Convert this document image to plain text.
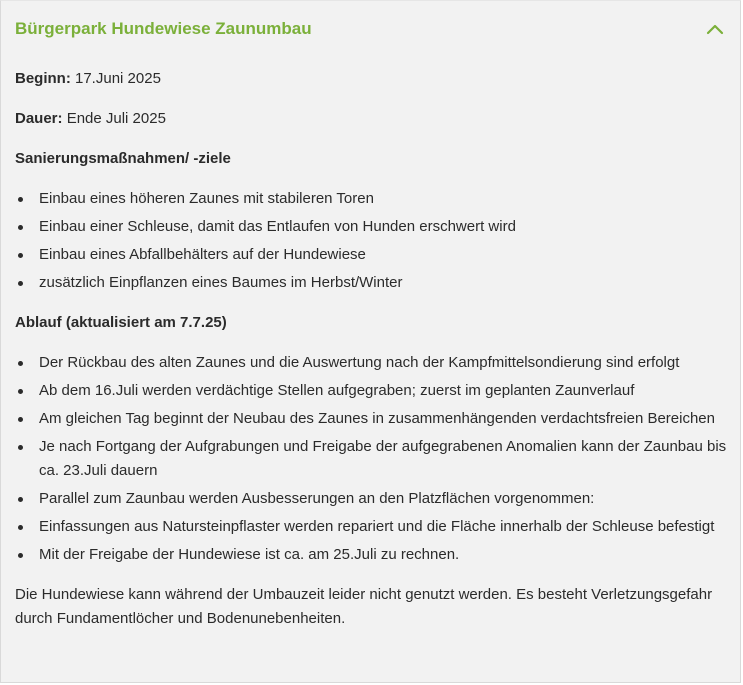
Bürgerpark Hundewiese Zaunumbau
Beginn: 17.Juni 2025
Dauer: Ende Juli 2025
Sanierungsmaßnahmen/ -ziele
Einbau eines höheren Zaunes mit stabileren Toren
Einbau einer Schleuse, damit das Entlaufen von Hunden erschwert wird
Einbau eines Abfallbehälters auf der Hundewiese
zusätzlich Einpflanzen eines Baumes im Herbst/Winter
Ablauf (aktualisiert am 7.7.25)
Der Rückbau des alten Zaunes und die Auswertung nach der Kampfmittelsondierung sind erfolgt
Ab dem 16.Juli werden verdächtige Stellen aufgegraben; zuerst im geplanten Zaunverlauf
Am gleichen Tag beginnt der Neubau des Zaunes in zusammenhängenden verdachtsfreien Bereichen
Je nach Fortgang der Aufgrabungen und Freigabe der aufgegrabenen Anomalien kann der Zaunbau bis ca. 23.Juli dauern
Parallel zum Zaunbau werden Ausbesserungen an den Platzflächen vorgenommen:
Einfassungen aus Natursteinpflaster werden repariert und die Fläche innerhalb der Schleuse befestigt
Mit der Freigabe der Hundewiese ist ca. am 25.Juli zu rechnen.
Die Hundewiese kann während der Umbauzeit leider nicht genutzt werden. Es besteht Verletzungsgefahr durch Fundamentlöcher und Bodenunebenheiten.
